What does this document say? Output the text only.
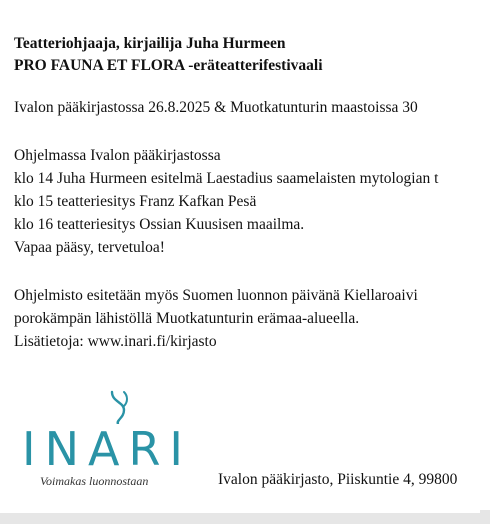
Teatteriohjaaja, kirjailija Juha Hurmeen
PRO FAUNA ET FLORA -eräteatterifestivaali
Ivalon pääkirjastossa 26.8.2025 & Muotkatunturin maastoissa 30
Ohjelmassa Ivalon pääkirjastossa
klo 14 Juha Hurmeen esitelmä Laestadius saamelaisten mytologian t
klo 15 teatteriesitys Franz Kafkan Pesä
klo 16 teatteriesitys Ossian Kuusisen maailma.
Vapaa pääsy, tervetuloa!
Ohjelmisto esitetään myös Suomen luonnon päivänä Kiellaroaivi
porokämpän lähistöllä Muotkatunturin erämaa-alueella.
Lisätietoja: www.inari.fi/kirjasto
INARI
Voimakas luonnostaan	Ivalon pääkirjasto, Piiskuntie 4, 99800
